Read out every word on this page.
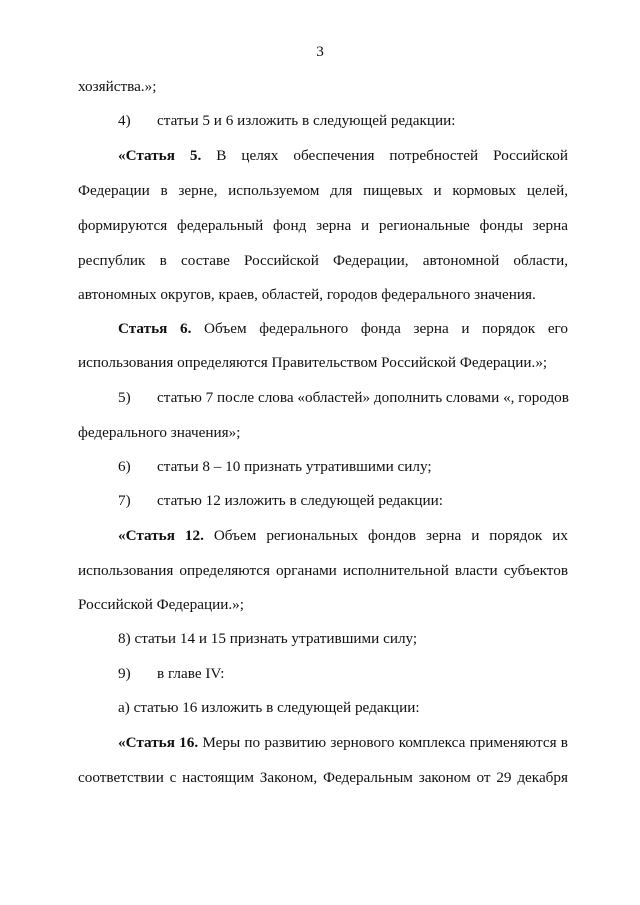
3
хозяйства.»;
4) статьи 5 и 6 изложить в следующей редакции:
«Статья 5. В целях обеспечения потребностей Российской
Федерации в зерне, используемом для пищевых и кормовых целей,
формируются федеральный фонд зерна и региональные фонды зерна
республик в составе Российской Федерации, автономной области,
автономных округов, краев, областей, городов федерального значения.
Статья 6. Объем федерального фонда зерна и порядок его
использования определяются Правительством Российской Федерации.»;
5) статью 7 после слова «областей» дополнить словами «, городов
федерального значения»;
6) статьи 8 – 10 признать утратившими силу;
7) статью 12 изложить в следующей редакции:
«Статья 12. Объем региональных фондов зерна и порядок их
использования определяются органами исполнительной власти субъектов
Российской Федерации.»;
8) статьи 14 и 15 признать утратившими силу;
9) в главе IV:
а) статью 16 изложить в следующей редакции:
«Статья 16. Меры по развитию зернового комплекса применяются в
соответствии с настоящим Законом, Федеральным законом от 29 декабря
